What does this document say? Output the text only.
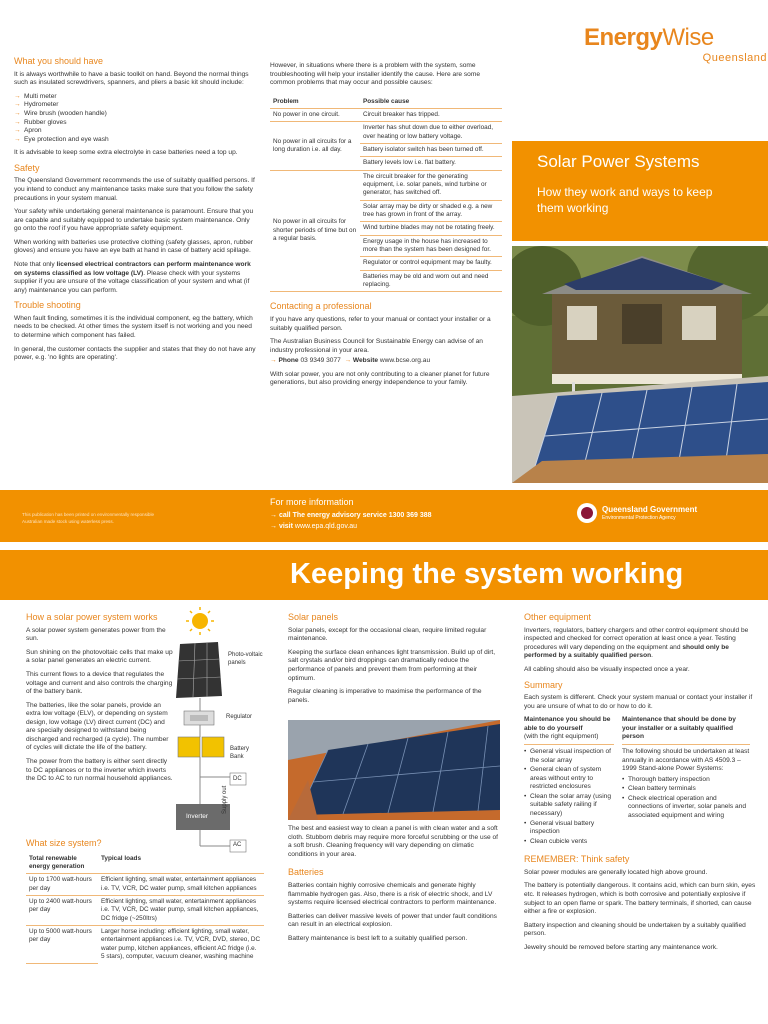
What you should have

It is always worthwhile to have a basic toolkit on hand. Beyond the normal things such as insulated screwdrivers, spanners, and pliers a basic kit should include:

→ Multi meter
→ Hydrometer
→ Wire brush (wooden handle)
→ Rubber gloves
→ Apron
→ Eye protection and eye wash

It is advisable to keep some extra electrolyte in case batteries need a top up.

Safety

The Queensland Government recommends the use of suitably qualified persons. If you intend to conduct any maintenance tasks make sure that you follow the safety precautions in your system manual.

Your safety while undertaking general maintenance is paramount. Ensure that you are capable and suitably equipped to undertake basic system maintenance. Only go onto the roof if you have appropriate safety equipment.

When working with batteries use protective clothing (safety glasses, apron, rubber gloves) and ensure you have an eye bath at hand in case of battery acid spillage.

Note that only licensed electrical contractors can perform maintenance work on systems classified as low voltage (LV). Please check with your systems supplier if you are unsure of the voltage classification of your system and what (if any) maintenance you can perform.

Trouble shooting

When fault finding, sometimes it is the individual component, eg the battery, which needs to be checked. At other times the system itself is not working and you need to determine which component has failed.

In general, the customer contacts the supplier and states that they do not have any power, e.g. 'no lights are operating'.

However, in situations where there is a problem with the system, some troubleshooting will help your installer identify the cause. Here are some common problems that may occur and possible causes:

Problem	Possible cause
No power in one circuit.	Circuit breaker has tripped.
No power in all circuits for a long duration i.e. all day.	Inverter has shut down due to either overload, over heating or low battery voltage.
	Battery isolator switch has been turned off.
	Battery levels low i.e. flat battery.
No power in all circuits for shorter periods of time but on a regular basis.	The circuit breaker for the generating equipment, i.e. solar panels, wind turbine or generator, has switched off.
	Solar array may be dirty or shaded e.g. a new tree has grown in front of the array.
	Wind turbine blades may not be rotating freely.
	Energy usage in the house has increased to more than the system has been designed for.
	Regulator or control equipment may be faulty.
	Batteries may be old and worn out and need replacing.
Contacting a professional

If you have any questions, refer to your manual or contact your installer or a suitably qualified person.

The Australian Business Council for Sustainable Energy can advise of an industry professional in your area.

→ Phone 03 9349 3077 → Website www.bcse.org.au

With solar power, you are not only contributing to a cleaner planet for future generations, but also providing energy independence to your family.

EnergyWise
Queensland
Solar Power Systems
How they work and ways to keep them working
This publication has been printed on environmentally responsible
Australian made stock using waterless press.
For more information
→ call The energy advisory service 1300 369 388
→ visit www.epa.qld.gov.au
Queensland Government
Environmental Protection Agency
Keeping the system working
How a solar power system works

A solar power system generates power from the sun.

Sun shining on the photovoltaic cells that make up a solar panel generates an electric current.

This current flows to a device that regulates the voltage and current and also controls the charging of the battery bank.

The batteries, like the solar panels, provide an extra low voltage (ELV), or depending on system design, low voltage (LV) direct current (DC) and are specially designed to withstand being discharged and recharged (a cycle). The number of cycles will dictate the life of the battery.

The power from the battery is either sent directly to DC appliances or to the inverter which inverts the DC to AC to run normal household appliances.

Photo-voltaic panels
Regulator
Battery Bank
DC
Inverter
AC
Supply out
What size system?
Total renewable energy generation	Typical loads
Up to 1700 watt-hours per day	Efficient lighting, small water, entertainment appliances i.e. TV, VCR, DC water pump, small kitchen appliances
Up to 2400 watt-hours per day	Efficient lighting, small water, entertainment appliances i.e. TV, VCR, DC water pump, small kitchen appliances, DC fridge (~250ltrs)
Up to 5000 watt-hours per day	Larger horse including: efficient lighting, small water, entertainment appliances i.e. TV, VCR, DVD, stereo, DC water pump, kitchen appliances, efficient AC fridge (i.e. 5 stars), computer, vacuum cleaner, washing machine
Solar panels

Solar panels, except for the occasional clean, require limited regular maintenance.

Keeping the surface clean enhances light transmission. Build up of dirt, salt crystals and/or bird droppings can dramatically reduce the performance of panels and prevent them from performing at their optimum.

Regular cleaning is imperative to maximise the performance of the panels.

The best and easiest way to clean a panel is with clean water and a soft cloth. Stubborn debris may require more forceful scrubbing or the use of a soft brush. Cleaning frequency will vary depending on climatic conditions in your area.

Batteries

Batteries contain highly corrosive chemicals and generate highly flammable hydrogen gas. Also, there is a risk of electric shock, and LV systems require licensed electrical contractors to perform maintenance.

Batteries can deliver massive levels of power that under fault conditions can result in an electrical explosion.

Battery maintenance is best left to a suitably qualified person.

Other equipment

Inverters, regulators, battery chargers and other control equipment should be inspected and checked for correct operation at least once a year. Testing procedures will vary depending on the equipment and should only be performed by a suitably qualified person.

All cabling should also be visually inspected once a year.

Summary

Each system is different. Check your system manual or contact your installer if you are unsure of what to do or how to do it.

Maintenance you should be able to do yourself
(with the right equipment)
• General visual inspection of the solar array
• General clean of system areas without entry to restricted enclosures
• Clean the solar array (using suitable safety railing if necessary)
• General visual battery inspection
• Clean cubicle vents
Maintenance that should be done by your installer or a suitably qualified person

The following should be undertaken at least annually in accordance with AS 4509.3 – 1999 Stand-alone Power Systems:

• Thorough battery inspection
• Clean battery terminals
• Check electrical operation and connections of inverter, solar panels and associated equipment and wiring
REMEMBER: Think safety

Solar power modules are generally located high above ground.

The battery is potentially dangerous. It contains acid, which can burn skin, eyes etc. It releases hydrogen, which is both corrosive and potentially explosive if subject to an open flame or spark. The battery terminals, if shorted, can cause either a fire or explosion.

Battery inspection and cleaning should be undertaken by a suitably qualified person.

Jewelry should be removed before starting any maintenance work.
